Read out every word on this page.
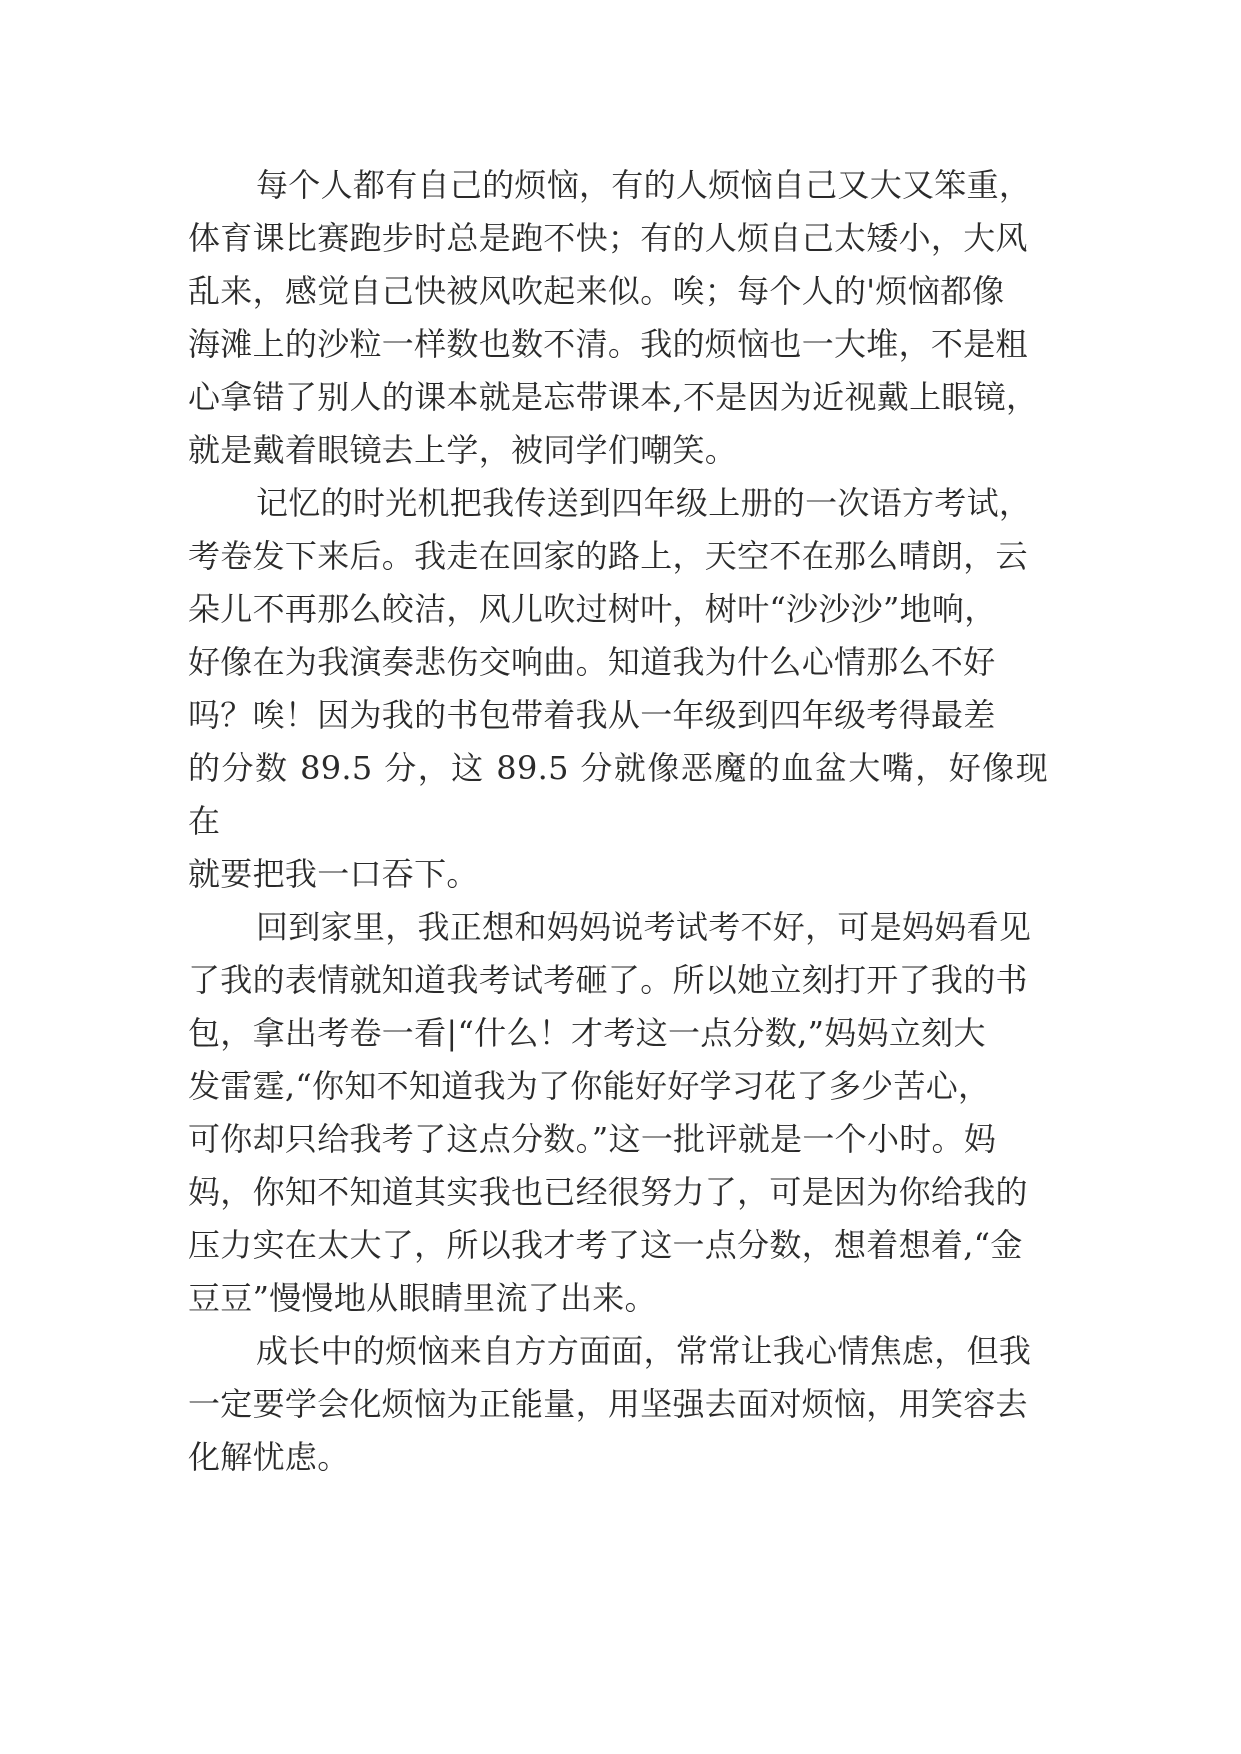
每个人都有自己的烦恼，有的人烦恼自己又大又笨重，
体育课比赛跑步时总是跑不快；有的人烦自己太矮小，大风
乱来，感觉自己快被风吹起来似。唉；每个人的'烦恼都像
海滩上的沙粒一样数也数不清。我的烦恼也一大堆，不是粗
心拿错了别人的课本就是忘带课本,不是因为近视戴上眼镜，
就是戴着眼镜去上学，被同学们嘲笑。

记忆的时光机把我传送到四年级上册的一次语方考试，
考卷发下来后。我走在回家的路上，天空不在那么晴朗，云
朵儿不再那么皎洁，风儿吹过树叶，树叶“沙沙沙”地响，
好像在为我演奏悲伤交响曲。知道我为什么心情那么不好
吗？唉！因为我的书包带着我从一年级到四年级考得最差
的分数 89.5 分，这 89.5 分就像恶魔的血盆大嘴，好像现在
就要把我一口吞下。

回到家里，我正想和妈妈说考试考不好，可是妈妈看见
了我的表情就知道我考试考砸了。所以她立刻打开了我的书
包，拿出考卷一看|“什么！才考这一点分数,”妈妈立刻大
发雷霆,“你知不知道我为了你能好好学习花了多少苦心，
可你却只给我考了这点分数。”这一批评就是一个小时。妈
妈，你知不知道其实我也已经很努力了，可是因为你给我的
压力实在太大了，所以我才考了这一点分数，想着想着,“金
豆豆”慢慢地从眼睛里流了出来。

成长中的烦恼来自方方面面，常常让我心情焦虑，但我
一定要学会化烦恼为正能量，用坚强去面对烦恼，用笑容去
化解忧虑。
